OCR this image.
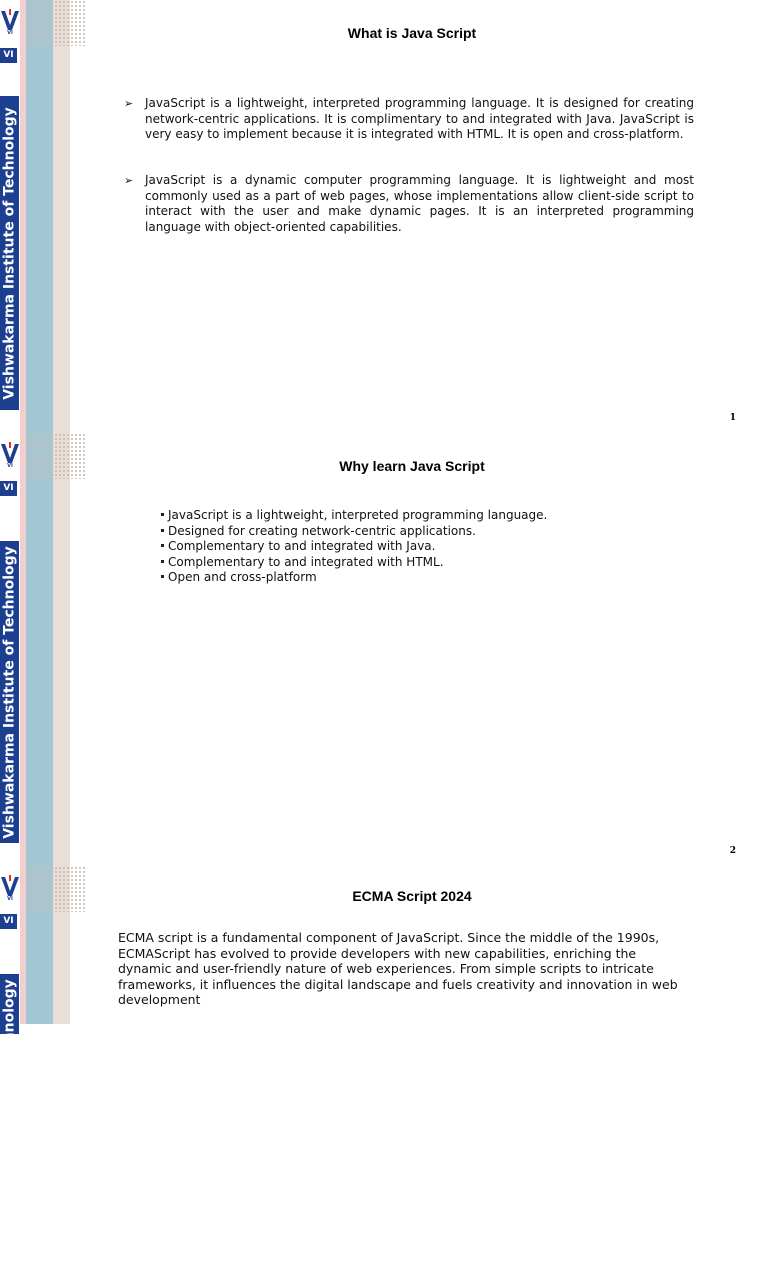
VI
VI
Vishwakarma Institute of Technology
What is Java Script
➢ JavaScript is a lightweight, interpreted programming language. It is designed for creating network-centric applications. It is complimentary to and integrated with Java. JavaScript is very easy to implement because it is integrated with HTML. It is open and cross-platform.
➢ JavaScript is a dynamic computer programming language. It is lightweight and most commonly used as a part of web pages, whose implementations allow client-side script to interact with the user and make dynamic pages. It is an interpreted programming language with object-oriented capabilities.
1
VI
VI
Vishwakarma Institute of Technology
Why learn Java Script
JavaScript is a lightweight, interpreted programming language.
Designed for creating network-centric applications.
Complementary to and integrated with Java.
Complementary to and integrated with HTML.
Open and cross-platform
2
VI
VI
Vishwakarma Institute of Technology
ECMA Script 2024
ECMA script is a fundamental component of JavaScript. Since the middle of the 1990s, ECMAScript has evolved to provide developers with new capabilities, enriching the dynamic and user-friendly nature of web experiences. From simple scripts to intricate frameworks, it influences the digital landscape and fuels creativity and innovation in web development
